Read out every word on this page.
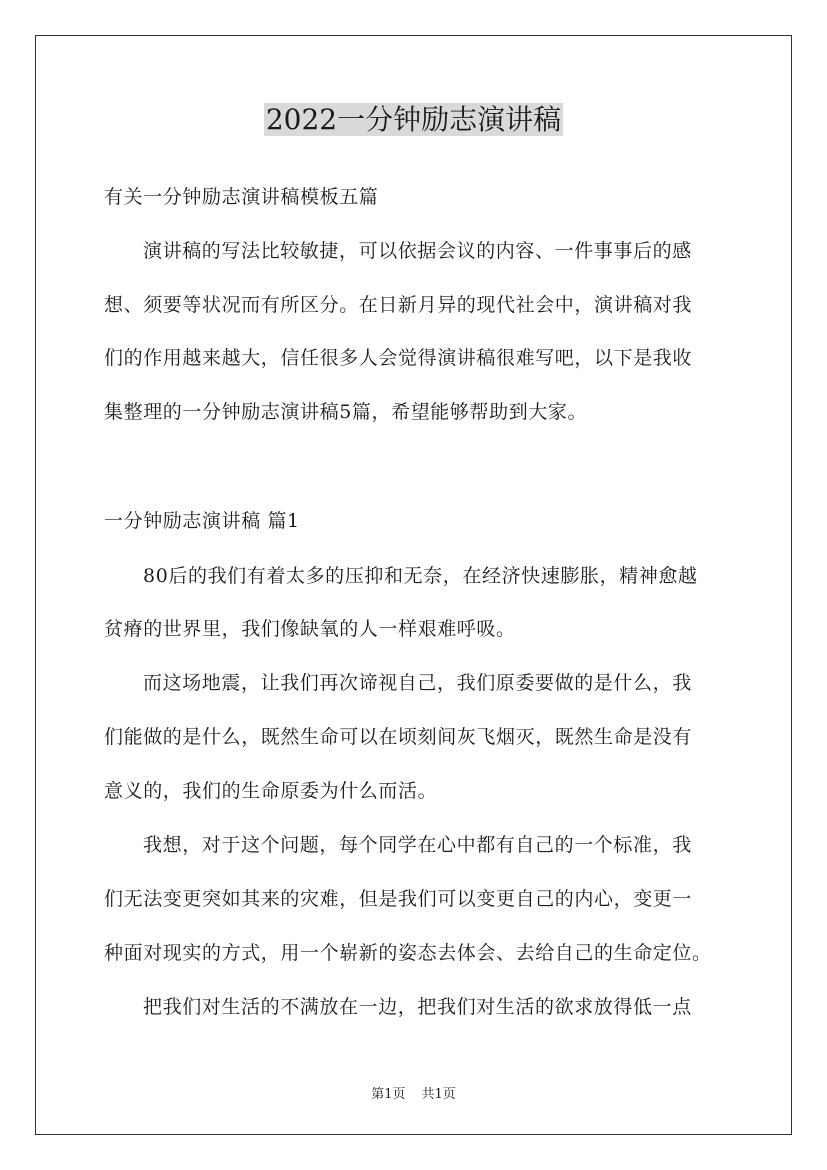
2022一分钟励志演讲稿
有关一分钟励志演讲稿模板五篇
演讲稿的写法比较敏捷，可以依据会议的内容、一件事事后的感
想、须要等状况而有所区分。在日新月异的现代社会中，演讲稿对我
们的作用越来越大，信任很多人会觉得演讲稿很难写吧，以下是我收
集整理的一分钟励志演讲稿5篇，希望能够帮助到大家。
一分钟励志演讲稿 篇1
80后的我们有着太多的压抑和无奈，在经济快速膨胀，精神愈越
贫瘠的世界里，我们像缺氧的人一样艰难呼吸。
而这场地震，让我们再次谛视自己，我们原委要做的是什么，我
们能做的是什么，既然生命可以在顷刻间灰飞烟灭，既然生命是没有
意义的，我们的生命原委为什么而活。
我想，对于这个问题，每个同学在心中都有自己的一个标准，我
们无法变更突如其来的灾难，但是我们可以变更自己的内心，变更一
种面对现实的方式，用一个崭新的姿态去体会、去给自己的生命定位。
把我们对生活的不满放在一边，把我们对生活的欲求放得低一点
第1页 共1页
